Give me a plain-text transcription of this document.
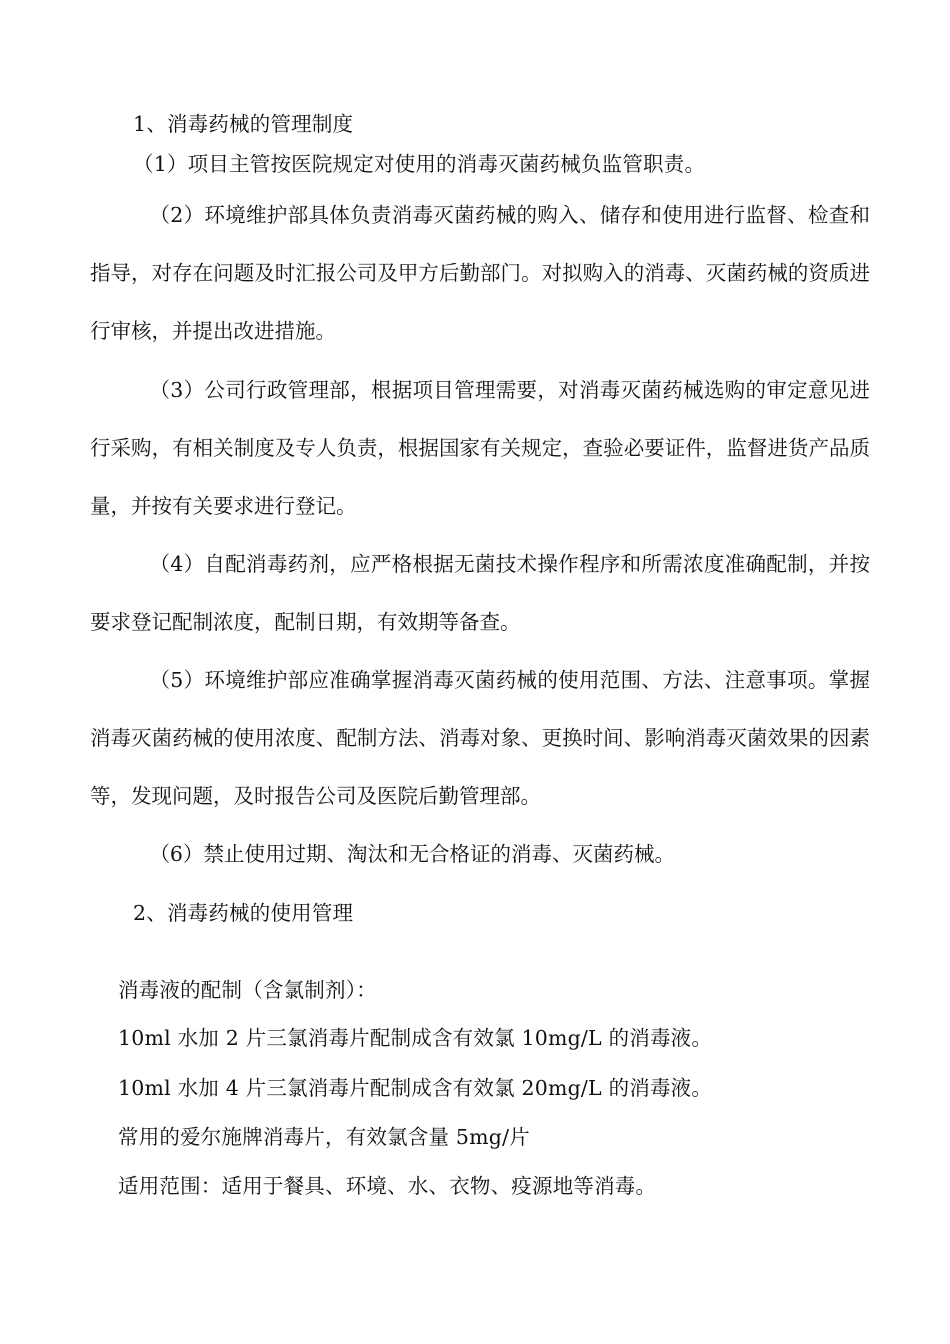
1、消毒药械的管理制度

（1）项目主管按医院规定对使用的消毒灭菌药械负监管职责。

（2）环境维护部具体负责消毒灭菌药械的购入、储存和使用进行监督、检查和指导，对存在问题及时汇报公司及甲方后勤部门。对拟购入的消毒、灭菌药械的资质进行审核，并提出改进措施。

（3）公司行政管理部，根据项目管理需要，对消毒灭菌药械选购的审定意见进行采购，有相关制度及专人负责，根据国家有关规定，查验必要证件，监督进货产品质量，并按有关要求进行登记。

（4）自配消毒药剂，应严格根据无菌技术操作程序和所需浓度准确配制，并按要求登记配制浓度，配制日期，有效期等备查。

（5）环境维护部应准确掌握消毒灭菌药械的使用范围、方法、注意事项。掌握消毒灭菌药械的使用浓度、配制方法、消毒对象、更换时间、影响消毒灭菌效果的因素等，发现问题，及时报告公司及医院后勤管理部。

（6）禁止使用过期、淘汰和无合格证的消毒、灭菌药械。

2、消毒药械的使用管理

消毒液的配制（含氯制剂）：

10ml 水加 2 片三氯消毒片配制成含有效氯 10mg/L 的消毒液。

10ml 水加 4 片三氯消毒片配制成含有效氯 20mg/L 的消毒液。

常用的爱尔施牌消毒片，有效氯含量 5mg/片

适用范围：适用于餐具、环境、水、衣物、疫源地等消毒。
